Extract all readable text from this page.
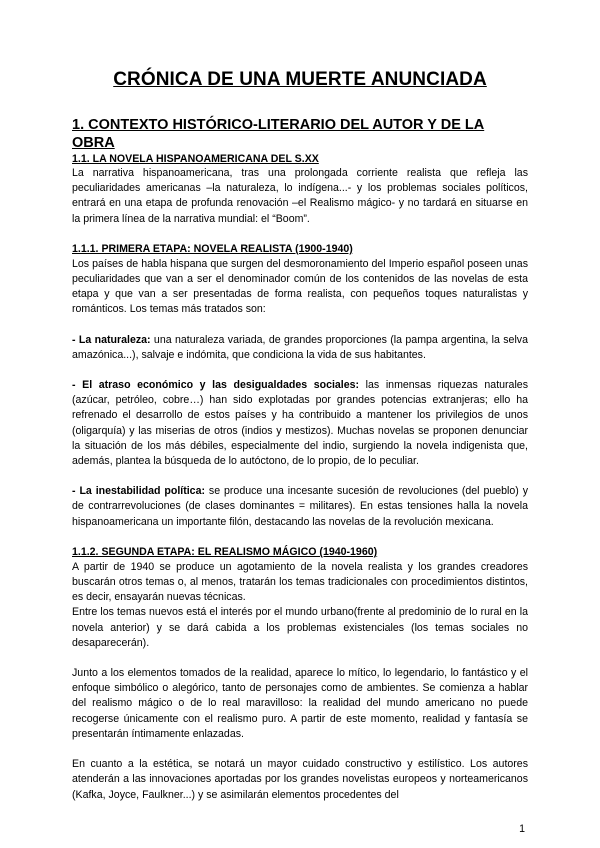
CRÓNICA DE UNA MUERTE ANUNCIADA
1. CONTEXTO HISTÓRICO-LITERARIO DEL AUTOR Y DE LA OBRA
1.1. LA NOVELA HISPANOAMERICANA DEL S.XX

La narrativa hispanoamericana, tras una prolongada corriente realista que refleja las peculiaridades americanas –la naturaleza, lo indígena...- y los problemas sociales políticos, entrará en una etapa de profunda renovación –el Realismo mágico- y no tardará en situarse en la primera línea de la narrativa mundial: el “Boom”.

1.1.1. PRIMERA ETAPA: NOVELA REALISTA (1900-1940)

Los países de habla hispana que surgen del desmoronamiento del Imperio español poseen unas peculiaridades que van a ser el denominador común de los contenidos de las novelas de esta etapa y que van a ser presentadas de forma realista, con pequeños toques naturalistas y románticos. Los temas más tratados son:

- La naturaleza: una naturaleza variada, de grandes proporciones (la pampa argentina, la selva amazónica...), salvaje e indómita, que condiciona la vida de sus habitantes.

- El atraso económico y las desigualdades sociales: las inmensas riquezas naturales (azúcar, petróleo, cobre…) han sido explotadas por grandes potencias extranjeras; ello ha refrenado el desarrollo de estos países y ha contribuido a mantener los privilegios de unos (oligarquía) y las miserias de otros (indios y mestizos). Muchas novelas se proponen denunciar la situación de los más débiles, especialmente del indio, surgiendo la novela indigenista que, además, plantea la búsqueda de lo autóctono, de lo propio, de lo peculiar.

- La inestabilidad política: se produce una incesante sucesión de revoluciones (del pueblo) y de contrarrevoluciones (de clases dominantes = militares). En estas tensiones halla la novela hispanoamericana un importante filón, destacando las novelas de la revolución mexicana.

1.1.2. SEGUNDA ETAPA: EL REALISMO MÁGICO (1940-1960)

A partir de 1940 se produce un agotamiento de la novela realista y los grandes creadores buscarán otros temas o, al menos, tratarán los temas tradicionales con procedimientos distintos, es decir, ensayarán nuevas técnicas.

Entre los temas nuevos está el interés por el mundo urbano(frente al predominio de lo rural en la novela anterior) y se dará cabida a los problemas existenciales (los temas sociales no desaparecerán).

Junto a los elementos tomados de la realidad, aparece lo mítico, lo legendario, lo fantástico y el enfoque simbólico o alegórico, tanto de personajes como de ambientes. Se comienza a hablar del realismo mágico o de lo real maravilloso: la realidad del mundo americano no puede recogerse únicamente con el realismo puro. A partir de este momento, realidad y fantasía se presentarán íntimamente enlazadas.

En cuanto a la estética, se notará un mayor cuidado constructivo y estilístico. Los autores atenderán a las innovaciones aportadas por los grandes novelistas europeos y norteamericanos (Kafka, Joyce, Faulkner...) y se asimilarán elementos procedentes del

1
